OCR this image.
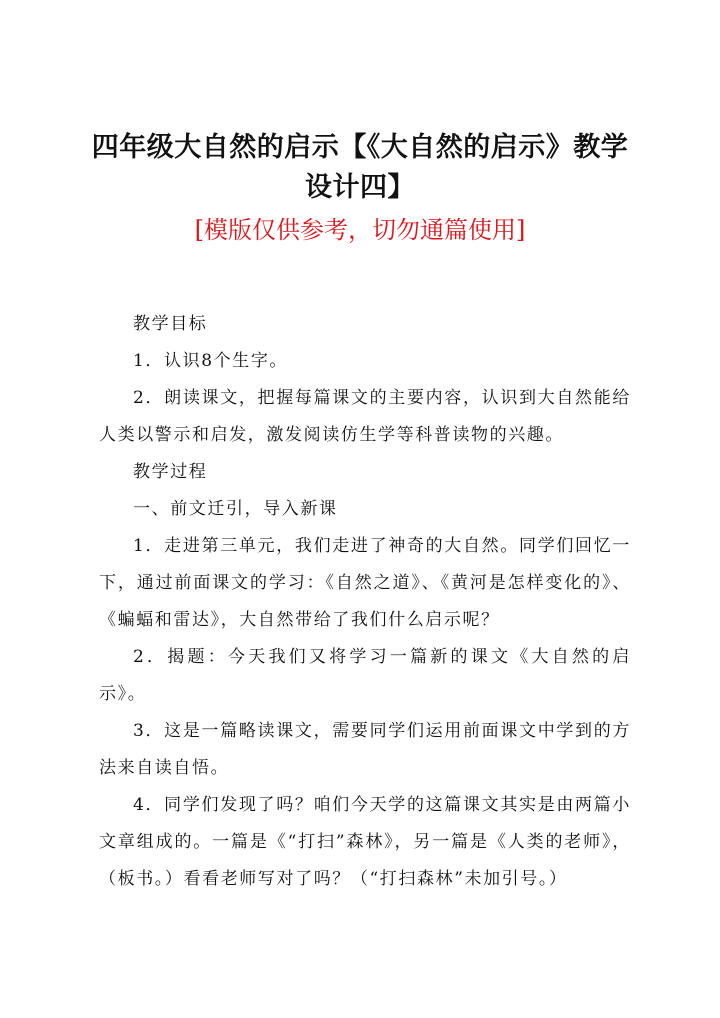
四年级大自然的启示【《大自然的启示》教学设计四】
[模版仅供参考，切勿通篇使用]

教学目标

1．认识8个生字。

2．朗读课文，把握每篇课文的主要内容，认识到大自然能给人类以警示和启发，激发阅读仿生学等科普读物的兴趣。

教学过程

一、前文迁引，导入新课

1．走进第三单元，我们走进了神奇的大自然。同学们回忆一下，通过前面课文的学习：《自然之道》、《黄河是怎样变化的》、《蝙蝠和雷达》，大自然带给了我们什么启示呢？

2．揭题：今天我们又将学习一篇新的课文《大自然的启示》。

3．这是一篇略读课文，需要同学们运用前面课文中学到的方法来自读自悟。

4．同学们发现了吗？咱们今天学的这篇课文其实是由两篇小文章组成的。一篇是《“打扫”森林》，另一篇是《人类的老师》，（板书。）看看老师写对了吗？（“打扫森林”未加引号。）
